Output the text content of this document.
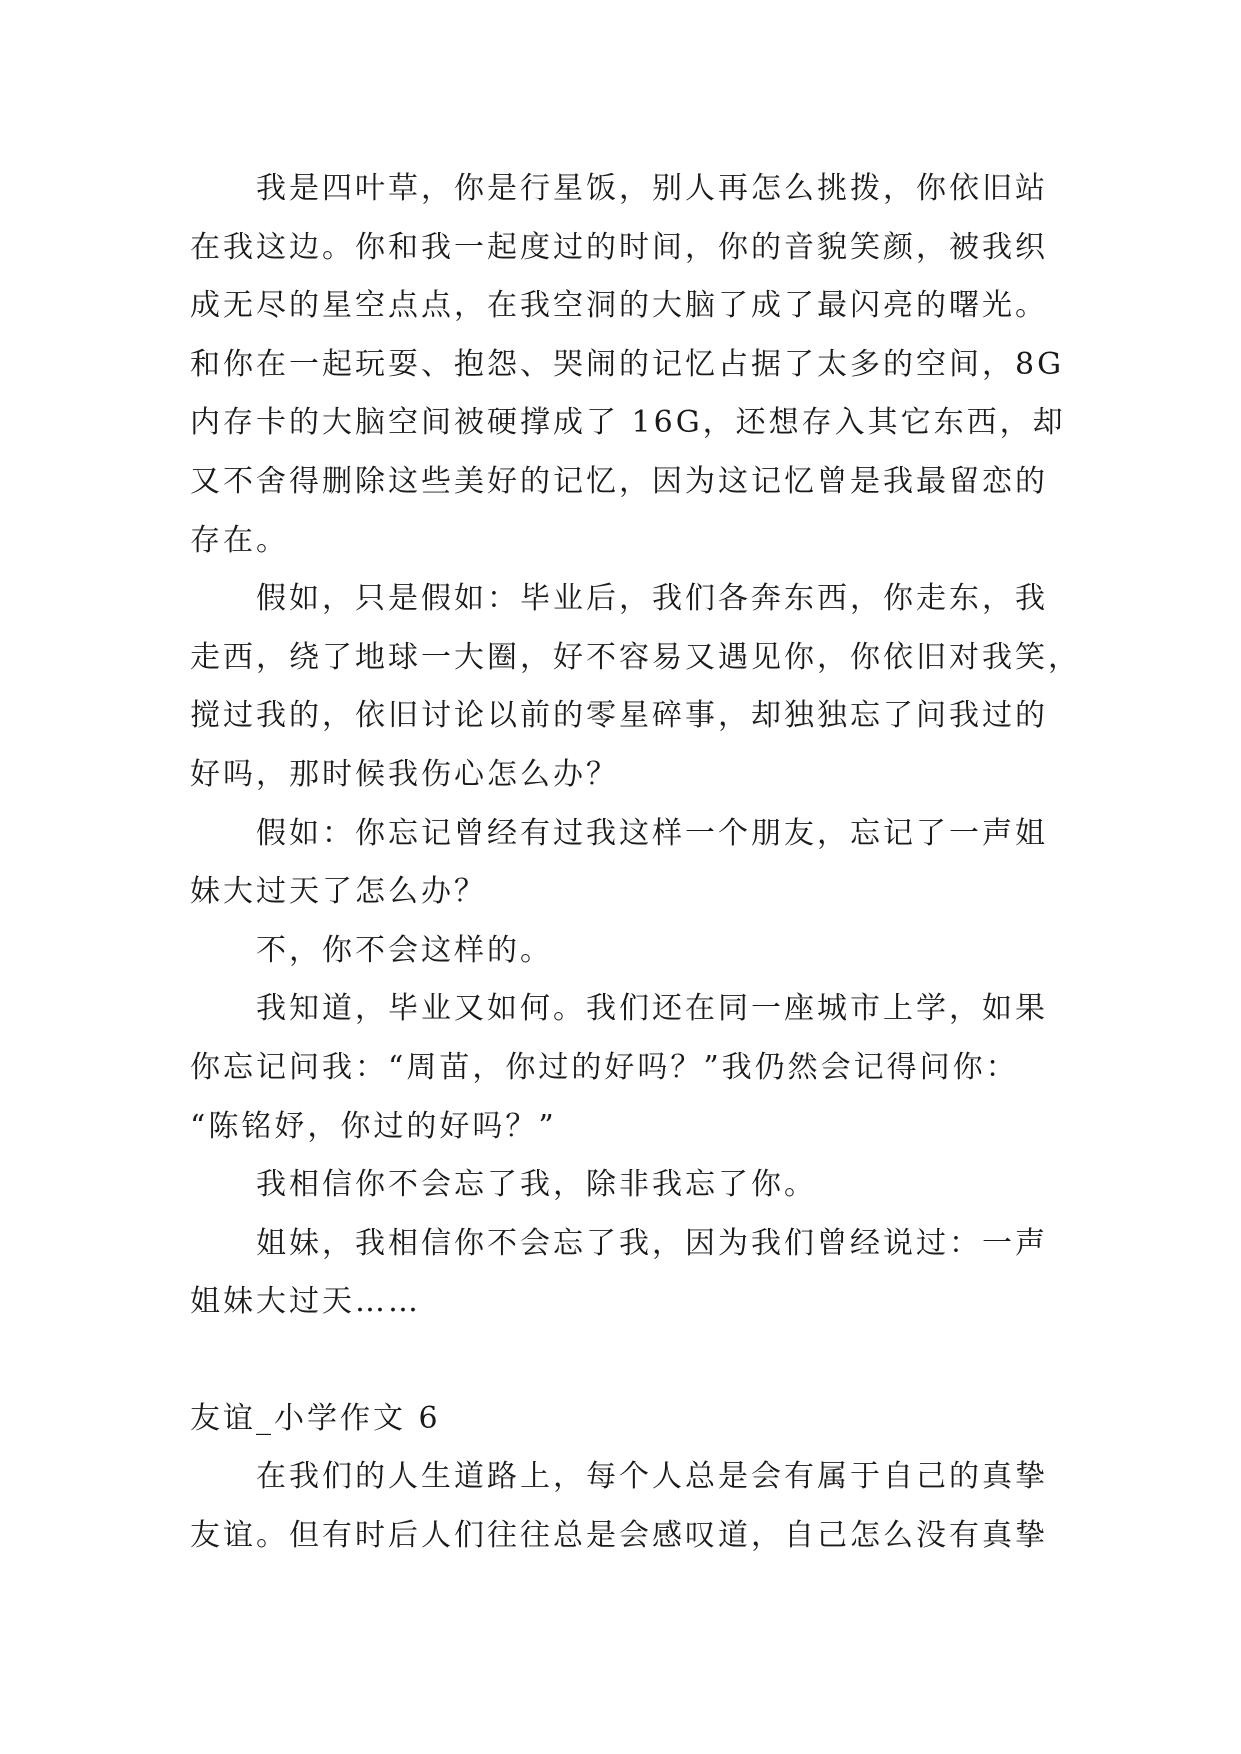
我是四叶草，你是行星饭，别人再怎么挑拨，你依旧站
在我这边。你和我一起度过的时间，你的音貌笑颜，被我织
成无尽的星空点点，在我空洞的大脑了成了最闪亮的曙光。
和你在一起玩耍、抱怨、哭闹的记忆占据了太多的空间，8G
内存卡的大脑空间被硬撑成了 16G，还想存入其它东西，却
又不舍得删除这些美好的记忆，因为这记忆曾是我最留恋的
存在。

假如，只是假如：毕业后，我们各奔东西，你走东，我
走西，绕了地球一大圈，好不容易又遇见你，你依旧对我笑，
搅过我的，依旧讨论以前的零星碎事，却独独忘了问我过的
好吗，那时候我伤心怎么办？

假如：你忘记曾经有过我这样一个朋友，忘记了一声姐
妹大过天了怎么办？

不，你不会这样的。

我知道，毕业又如何。我们还在同一座城市上学，如果
你忘记问我：“周苗，你过的好吗？”我仍然会记得问你：
“陈铭妤，你过的好吗？”

我相信你不会忘了我，除非我忘了你。

姐妹，我相信你不会忘了我，因为我们曾经说过：一声
姐妹大过天……

友谊_小学作文 6

在我们的人生道路上，每个人总是会有属于自己的真挚
友谊。但有时后人们往往总是会感叹道，自己怎么没有真挚
